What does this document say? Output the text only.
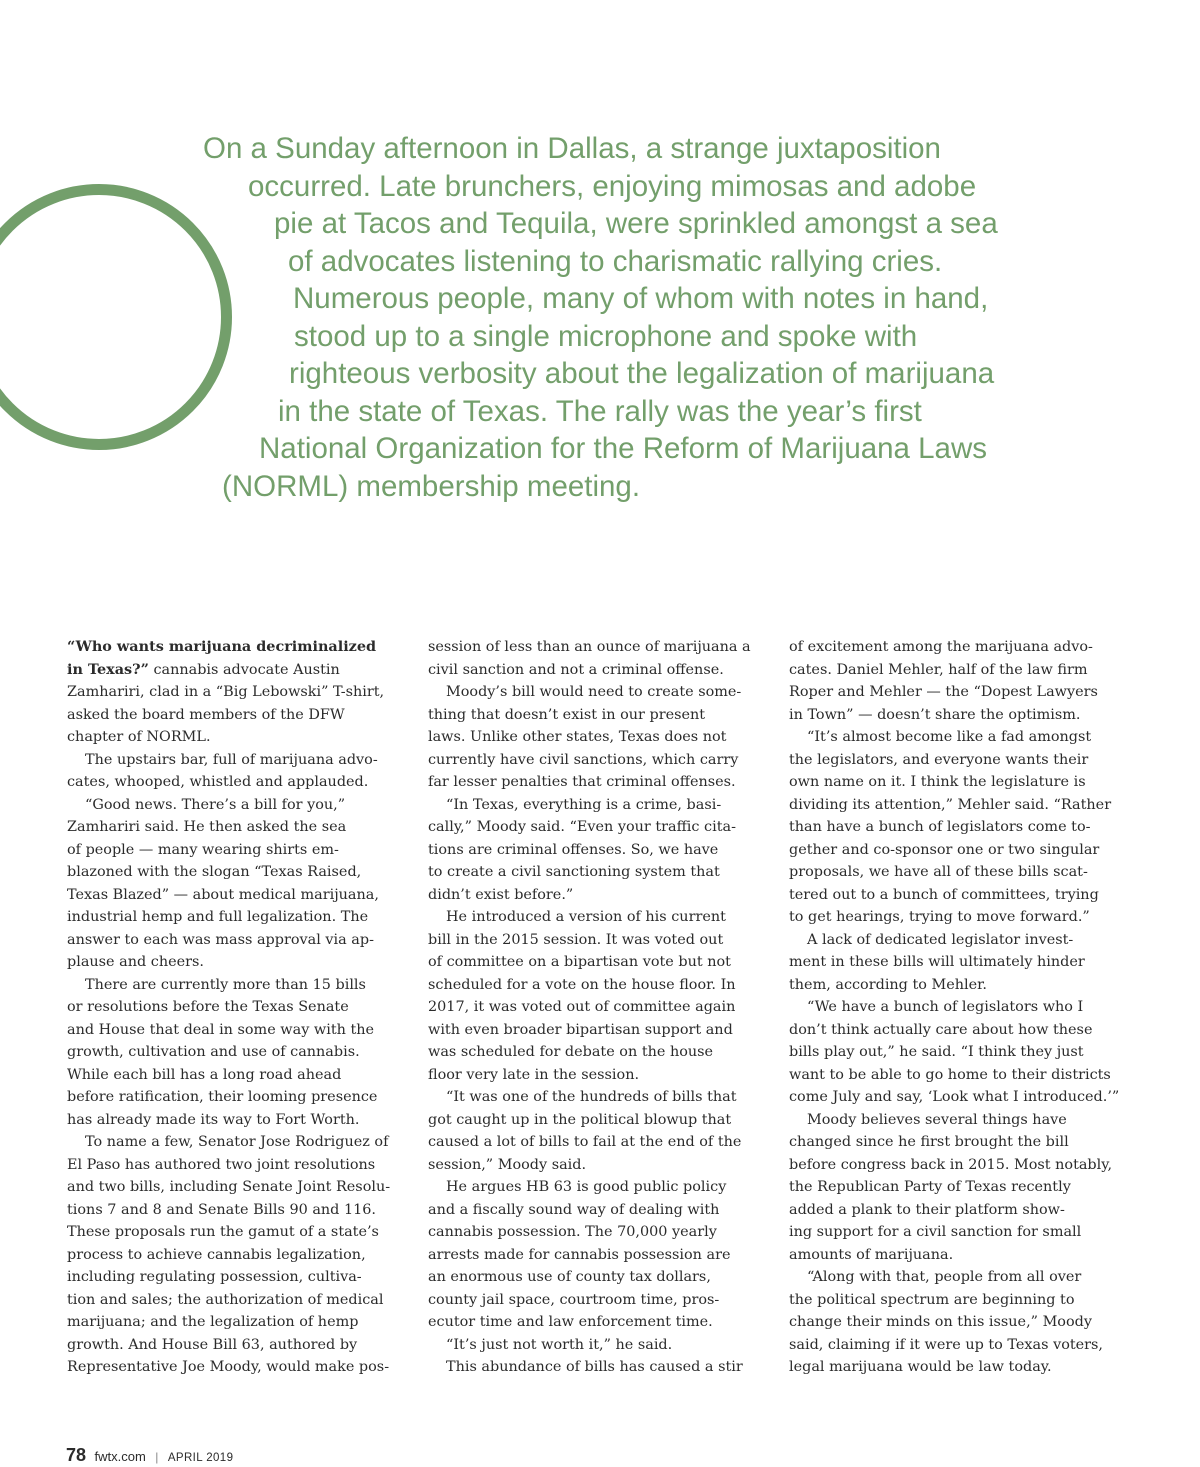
On a Sunday afternoon in Dallas, a strange juxtaposition
occurred. Late brunchers, enjoying mimosas and adobe
pie at Tacos and Tequila, were sprinkled amongst a sea
of advocates listening to charismatic rallying cries.
Numerous people, many of whom with notes in hand,
stood up to a single microphone and spoke with
righteous verbosity about the legalization of marijuana
in the state of Texas. The rally was the year’s first
National Organization for the Reform of Marijuana Laws
(NORML) membership meeting.
“Who wants marijuana decriminalized
in Texas?” cannabis advocate Austin
Zamhariri, clad in a “Big Lebowski” T-shirt,
asked the board members of the DFW
chapter of NORML.
The upstairs bar, full of marijuana advo-
cates, whooped, whistled and applauded.
“Good news. There’s a bill for you,”
Zamhariri said. He then asked the sea
of people — many wearing shirts em-
blazoned with the slogan “Texas Raised,
Texas Blazed” — about medical marijuana,
industrial hemp and full legalization. The
answer to each was mass approval via ap-
plause and cheers.
There are currently more than 15 bills
or resolutions before the Texas Senate
and House that deal in some way with the
growth, cultivation and use of cannabis.
While each bill has a long road ahead
before ratification, their looming presence
has already made its way to Fort Worth.
To name a few, Senator Jose Rodriguez of
El Paso has authored two joint resolutions
and two bills, including Senate Joint Resolu-
tions 7 and 8 and Senate Bills 90 and 116.
These proposals run the gamut of a state’s
process to achieve cannabis legalization,
including regulating possession, cultiva-
tion and sales; the authorization of medical
marijuana; and the legalization of hemp
growth. And House Bill 63, authored by
Representative Joe Moody, would make pos-
session of less than an ounce of marijuana a
civil sanction and not a criminal offense.
Moody’s bill would need to create some-
thing that doesn’t exist in our present
laws. Unlike other states, Texas does not
currently have civil sanctions, which carry
far lesser penalties that criminal offenses.
“In Texas, everything is a crime, basi-
cally,” Moody said. “Even your traffic cita-
tions are criminal offenses. So, we have
to create a civil sanctioning system that
didn’t exist before.”
He introduced a version of his current
bill in the 2015 session. It was voted out
of committee on a bipartisan vote but not
scheduled for a vote on the house floor. In
2017, it was voted out of committee again
with even broader bipartisan support and
was scheduled for debate on the house
floor very late in the session.
“It was one of the hundreds of bills that
got caught up in the political blowup that
caused a lot of bills to fail at the end of the
session,” Moody said.
He argues HB 63 is good public policy
and a fiscally sound way of dealing with
cannabis possession. The 70,000 yearly
arrests made for cannabis possession are
an enormous use of county tax dollars,
county jail space, courtroom time, pros-
ecutor time and law enforcement time.
“It’s just not worth it,” he said.
This abundance of bills has caused a stir
of excitement among the marijuana advo-
cates. Daniel Mehler, half of the law firm
Roper and Mehler — the “Dopest Lawyers
in Town” — doesn’t share the optimism.
“It’s almost become like a fad amongst
the legislators, and everyone wants their
own name on it. I think the legislature is
dividing its attention,” Mehler said. “Rather
than have a bunch of legislators come to-
gether and co-sponsor one or two singular
proposals, we have all of these bills scat-
tered out to a bunch of committees, trying
to get hearings, trying to move forward.”
A lack of dedicated legislator invest-
ment in these bills will ultimately hinder
them, according to Mehler.
“We have a bunch of legislators who I
don’t think actually care about how these
bills play out,” he said. “I think they just
want to be able to go home to their districts
come July and say, ‘Look what I introduced.’”
Moody believes several things have
changed since he first brought the bill
before congress back in 2015. Most notably,
the Republican Party of Texas recently
added a plank to their platform show-
ing support for a civil sanction for small
amounts of marijuana.
“Along with that, people from all over
the political spectrum are beginning to
change their minds on this issue,” Moody
said, claiming if it were up to Texas voters,
legal marijuana would be law today.
78 fwtx.com | APRIL 2019
